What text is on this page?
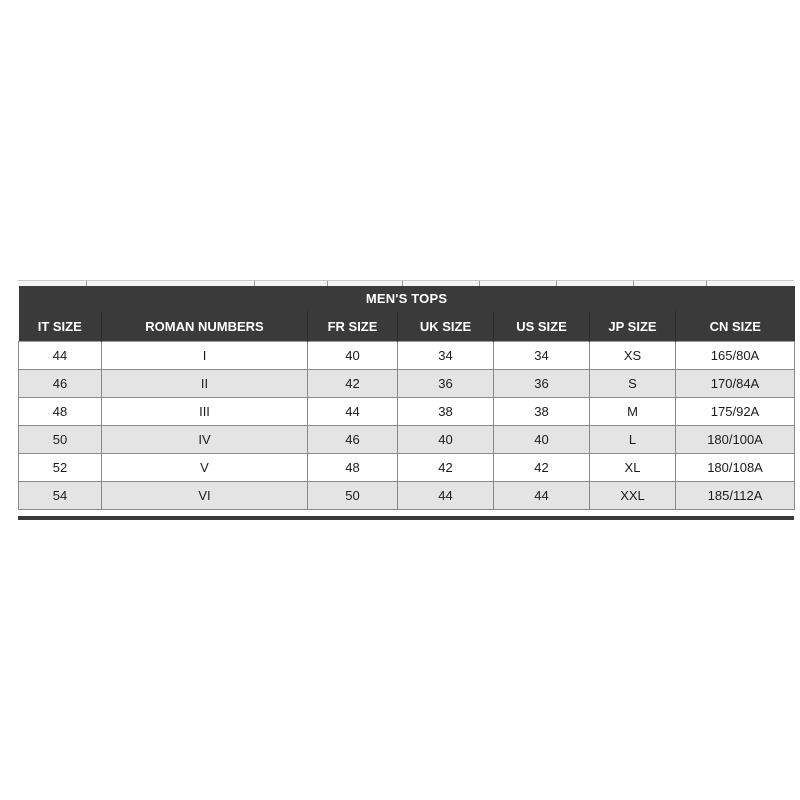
MEN'S TOPS						
IT SIZE	ROMAN NUMBERS	FR SIZE	UK SIZE	US SIZE	JP SIZE	CN SIZE
44	I	40	34	34	XS	165/80A
46	II	42	36	36	S	170/84A
48	III	44	38	38	M	175/92A
50	IV	46	40	40	L	180/100A
52	V	48	42	42	XL	180/108A
54	VI	50	44	44	XXL	185/112A
